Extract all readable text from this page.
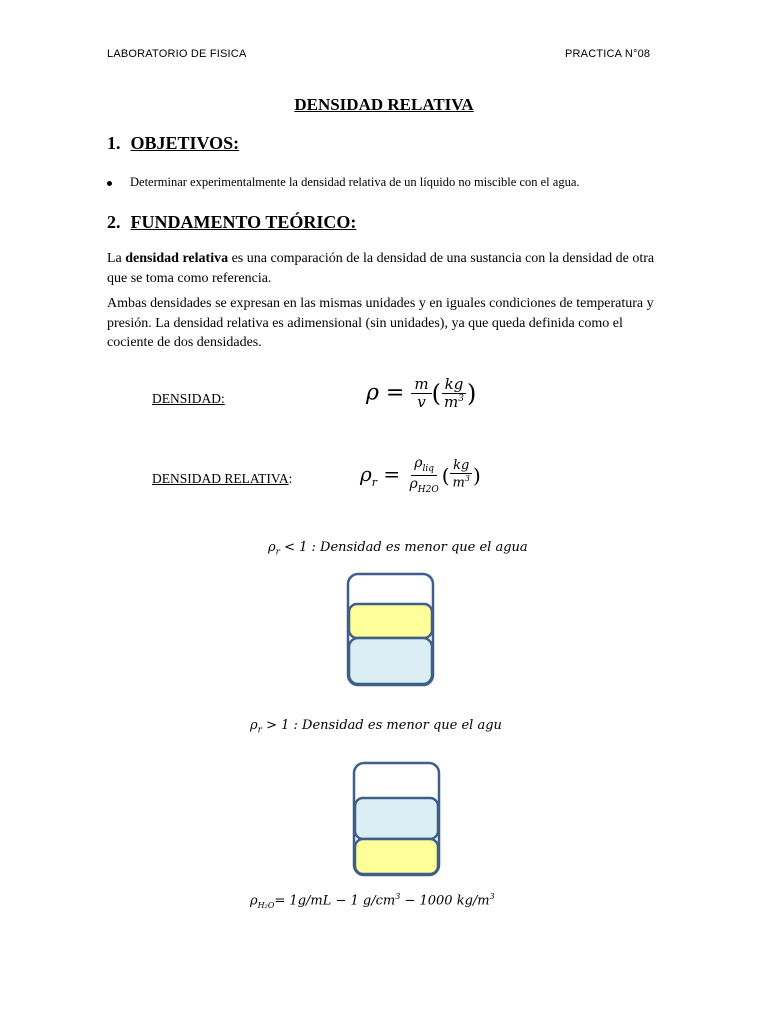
LABORATORIO DE FISICA	PRACTICA N°08
DENSIDAD RELATIVA
1. OBJETIVOS:
Determinar experimentalmente la densidad relativa de un líquido no miscible con el agua.
2. FUNDAMENTO TEÓRICO:
La densidad relativa es una comparación de la densidad de una sustancia con la densidad de otra que se toma como referencia.
Ambas densidades se expresan en las mismas unidades y en iguales condiciones de temperatura y presión. La densidad relativa es adimensional (sin unidades), ya que queda definida como el cociente de dos densidades.
DENSIDAD:	$\rho = \frac{m}{v}$ ( $\frac{kg}{m^3}$ )
DENSIDAD RELATIVA:	$\rho_r = \frac{\rho_{liq}}{\rho_{H2O}}$ ( $\frac{kg}{m^3}$ )
$\rho_r < 1$ : Densidad es menor que el agua
$\rho_r > 1$ : Densidad es menor que el agu
$\rho_{H_2O}= 1g/mL - 1$ $g/cm^3 - 1000$ $kg/m^3$
